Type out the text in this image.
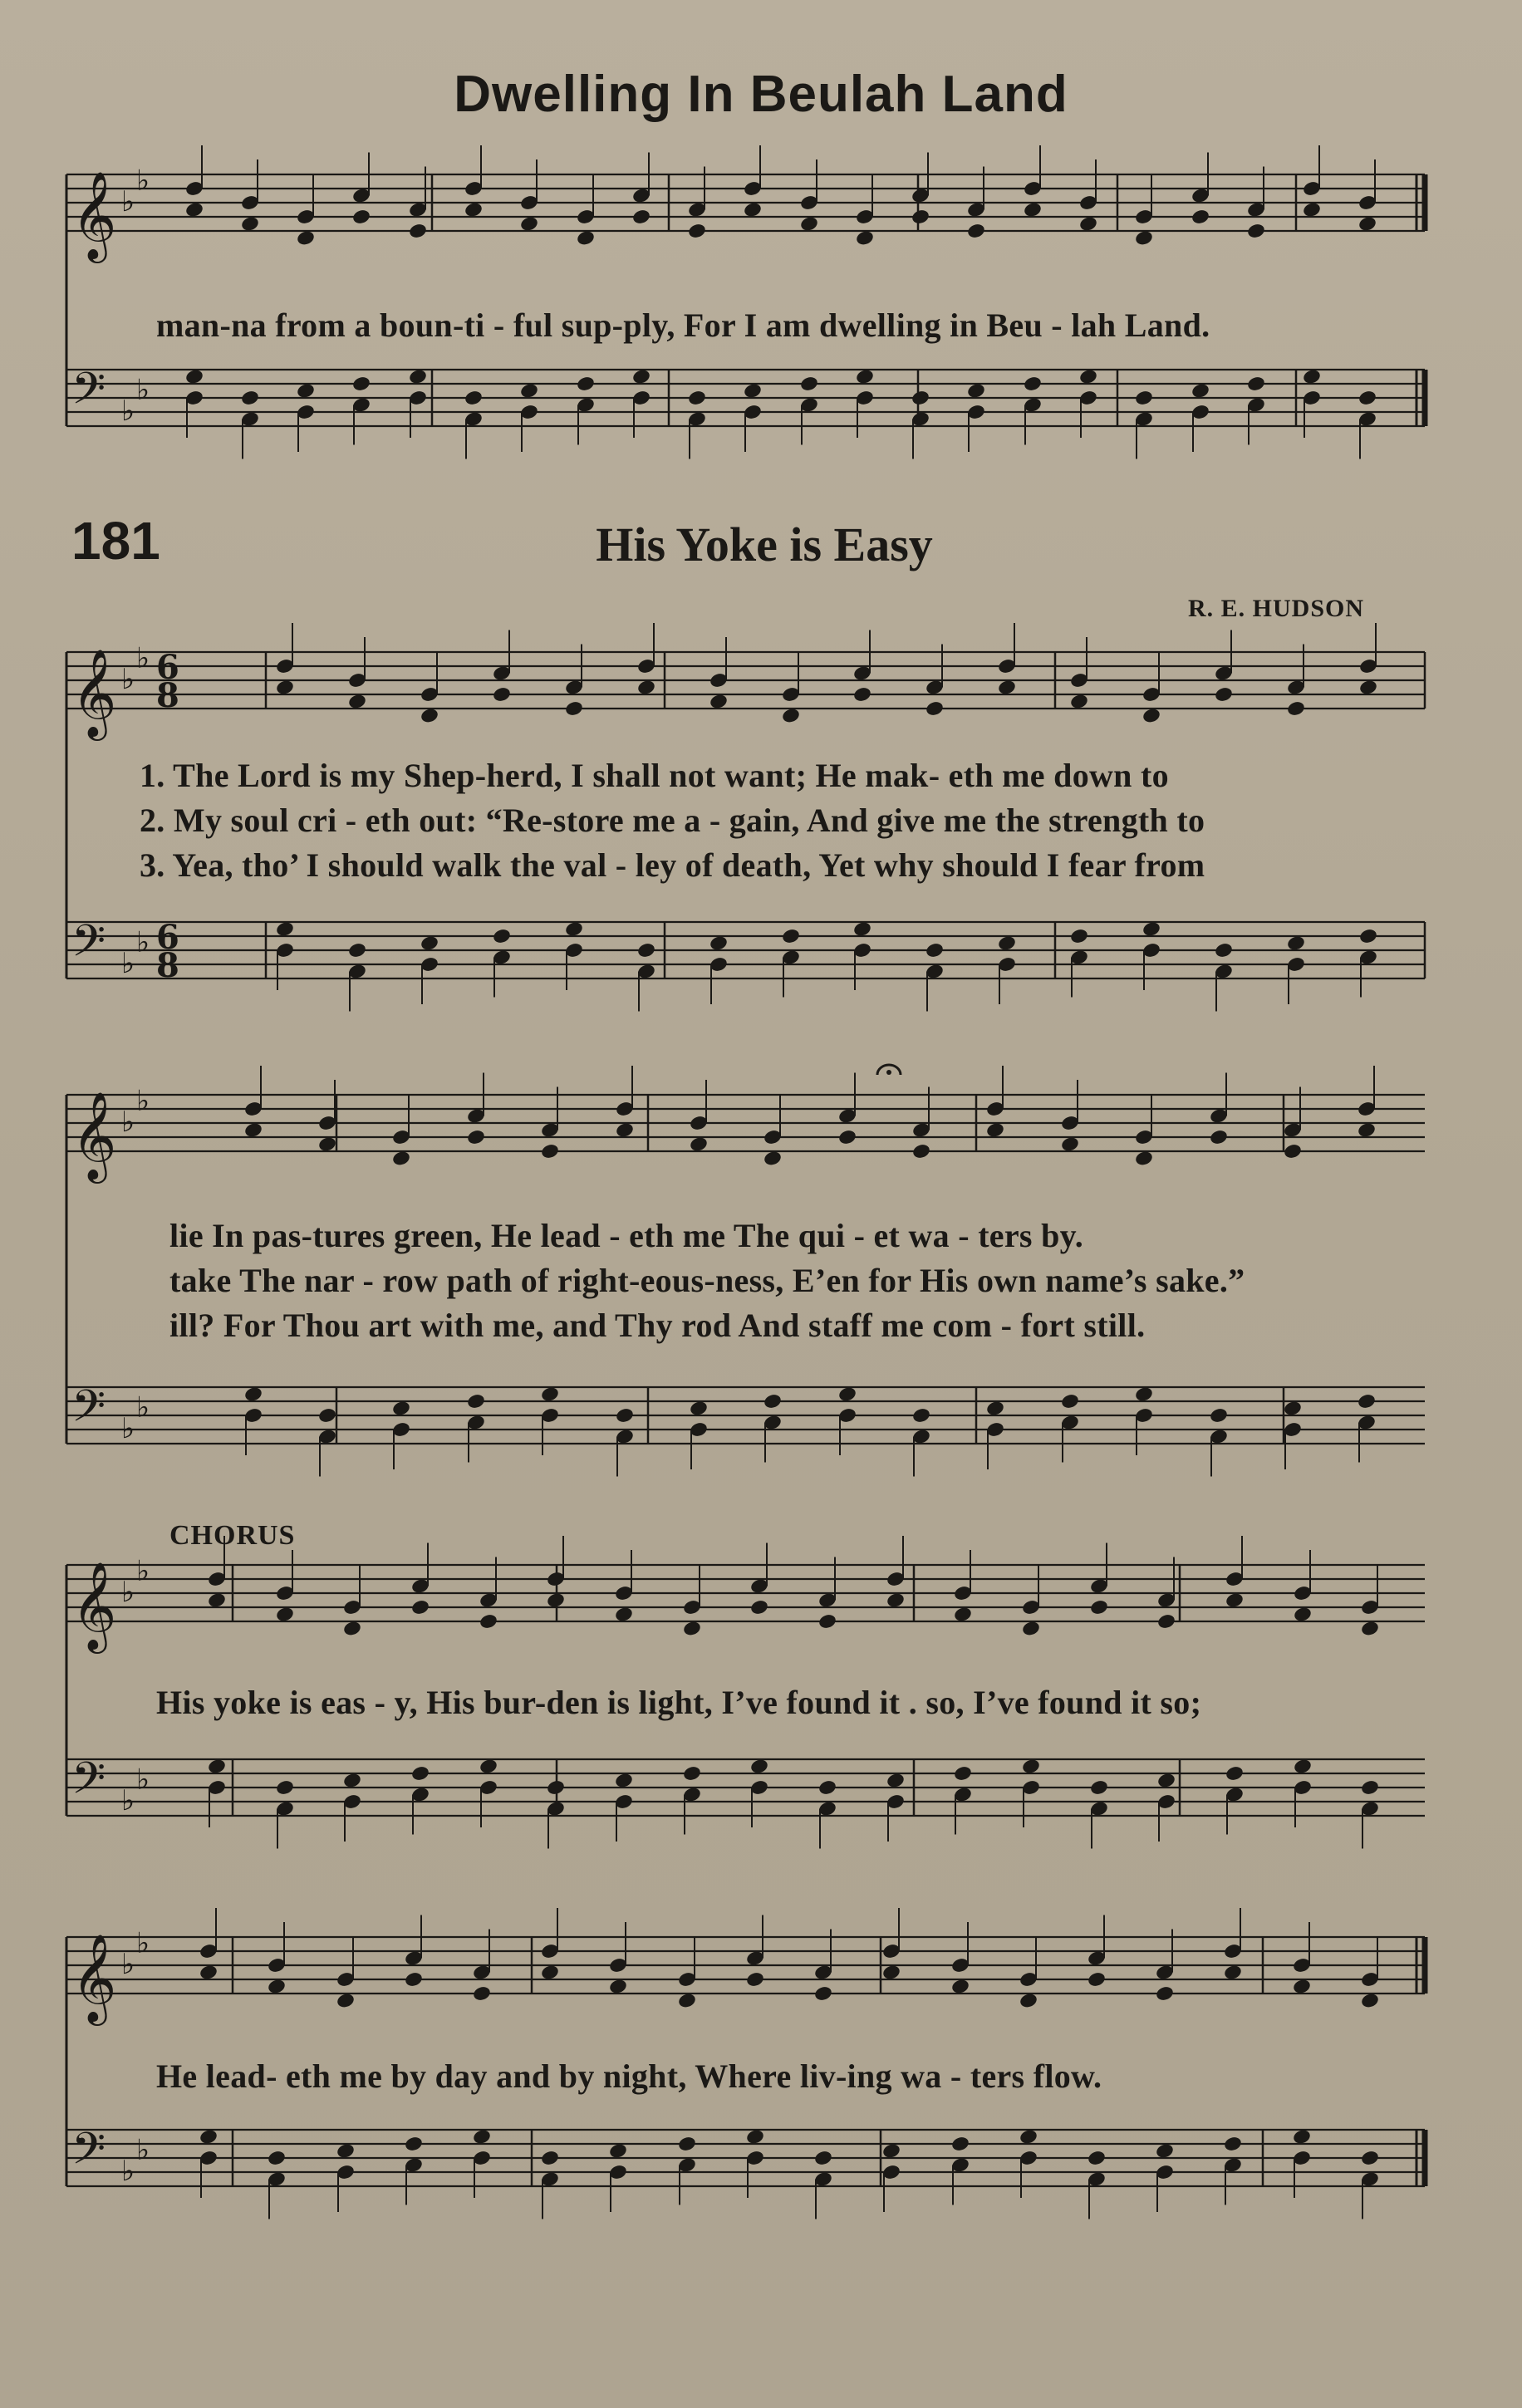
𝄞 ♭
♭
𝄢 ♭
♭
𝄞 ♭
♭
𝄢 ♭
♭
6
8
6
8
𝄞 ♭
♭
𝄢 ♭
♭
𝄞 ♭
♭
𝄢 ♭
♭
𝄞 ♭
♭
𝄢 ♭
♭
Dwelling In Beulah Land
man-na from a boun-ti - ful sup-ply, For I am dwelling in Beu - lah Land.
181	His Yoke is Easy
R. E. HUDSON
1. The Lord is my Shep-herd, I shall not want; He mak- eth me down to
2. My soul cri - eth out: “Re-store me a - gain, And give me the strength to
3. Yea, tho’ I should walk the val - ley of death, Yet why should I fear from
lie In pas-tures green, He lead - eth me The qui - et wa - ters by.
take The nar - row path of right-eous-ness, E’en for His own name’s sake.”
ill? For Thou art with me, and Thy rod And staff me com - fort still.
CHORUS
His yoke is eas - y, His bur-den is light, I’ve found it . so, I’ve found it so;
He lead- eth me by day and by night, Where liv-ing wa - ters flow.
